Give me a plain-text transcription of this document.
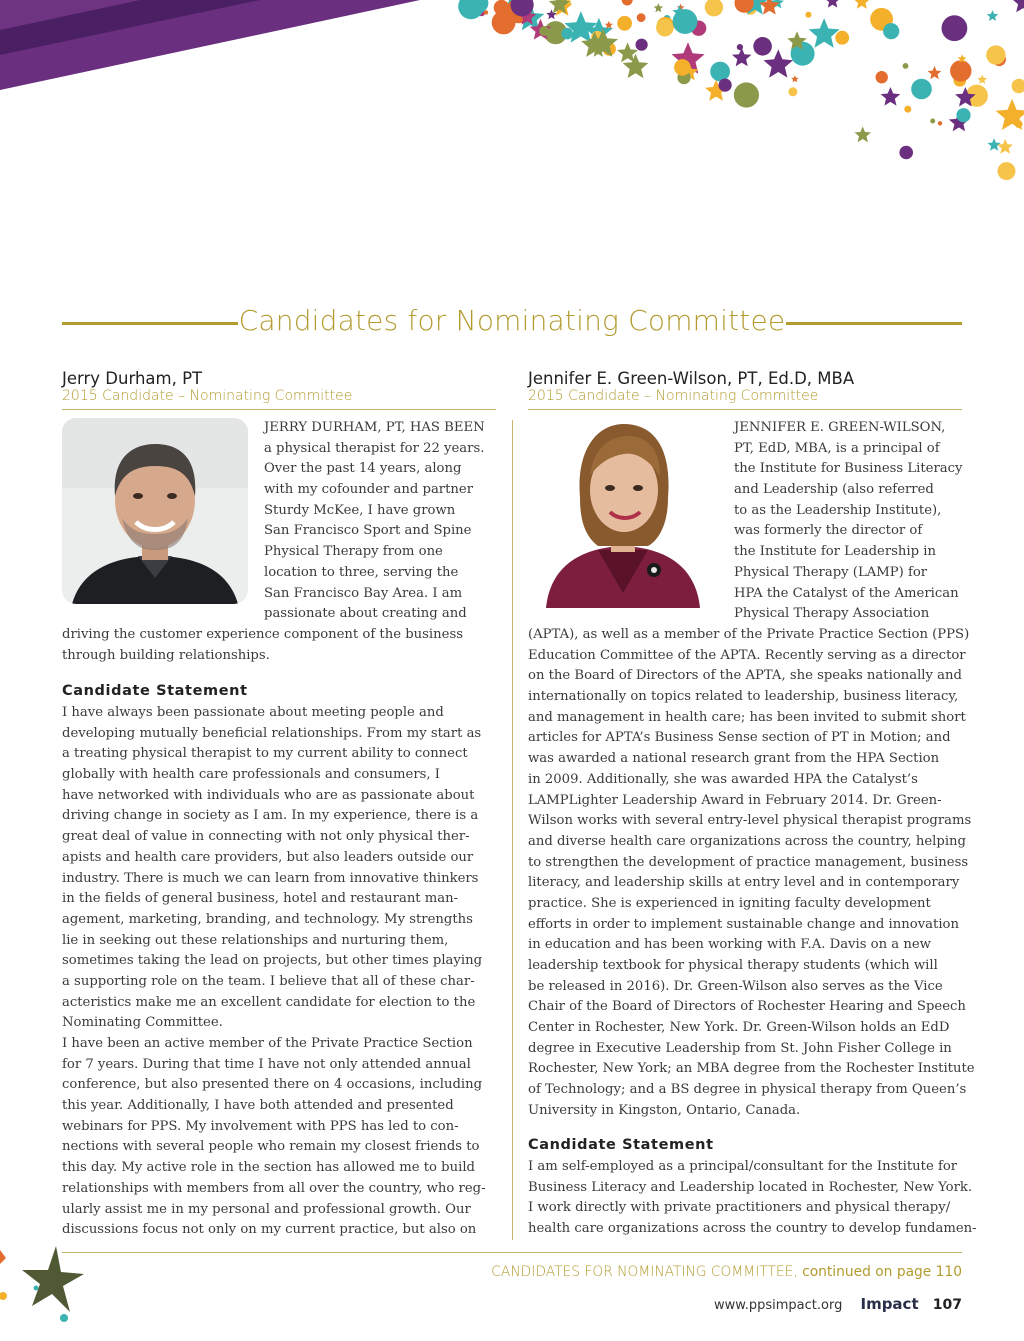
Candidates for Nominating Committee
Jerry Durham, PT
2015 Candidate – Nominating Committee
JERRY DURHAM, PT, HAS BEEN
a physical therapist for 22 years.
Over the past 14 years, along
with my cofounder and partner
Sturdy McKee, I have grown
San Francisco Sport and Spine
Physical Therapy from one
location to three, serving the
San Francisco Bay Area. I am
passionate about creating and
driving the customer experience component of the business
through building relationships.
Candidate Statement
I have always been passionate about meeting people and
developing mutually beneficial relationships. From my start as
a treating physical therapist to my current ability to connect
globally with health care professionals and consumers, I
have networked with individuals who are as passionate about
driving change in society as I am. In my experience, there is a
great deal of value in connecting with not only physical ther-
apists and health care providers, but also leaders outside our
industry. There is much we can learn from innovative thinkers
in the fields of general business, hotel and restaurant man-
agement, marketing, branding, and technology. My strengths
lie in seeking out these relationships and nurturing them,
sometimes taking the lead on projects, but other times playing
a supporting role on the team. I believe that all of these char-
acteristics make me an excellent candidate for election to the
Nominating Committee.
I have been an active member of the Private Practice Section
for 7 years. During that time I have not only attended annual
conference, but also presented there on 4 occasions, including
this year. Additionally, I have both attended and presented
webinars for PPS. My involvement with PPS has led to con-
nections with several people who remain my closest friends to
this day. My active role in the section has allowed me to build
relationships with members from all over the country, who reg-
ularly assist me in my personal and professional growth. Our
discussions focus not only on my current practice, but also on
Jennifer E. Green-Wilson, PT, Ed.D, MBA
2015 Candidate – Nominating Committee
JENNIFER E. GREEN-WILSON,
PT, EdD, MBA, is a principal of
the Institute for Business Literacy
and Leadership (also referred
to as the Leadership Institute),
was formerly the director of
the Institute for Leadership in
Physical Therapy (LAMP) for
HPA the Catalyst of the American
Physical Therapy Association
(APTA), as well as a member of the Private Practice Section (PPS)
Education Committee of the APTA. Recently serving as a director
on the Board of Directors of the APTA, she speaks nationally and
internationally on topics related to leadership, business literacy,
and management in health care; has been invited to submit short
articles for APTA’s Business Sense section of PT in Motion; and
was awarded a national research grant from the HPA Section
in 2009. Additionally, she was awarded HPA the Catalyst’s
LAMPLighter Leadership Award in February 2014. Dr. Green-
Wilson works with several entry-level physical therapist programs
and diverse health care organizations across the country, helping
to strengthen the development of practice management, business
literacy, and leadership skills at entry level and in contemporary
practice. She is experienced in igniting faculty development
efforts in order to implement sustainable change and innovation
in education and has been working with F.A. Davis on a new
leadership textbook for physical therapy students (which will
be released in 2016). Dr. Green-Wilson also serves as the Vice
Chair of the Board of Directors of Rochester Hearing and Speech
Center in Rochester, New York. Dr. Green-Wilson holds an EdD
degree in Executive Leadership from St. John Fisher College in
Rochester, New York; an MBA degree from the Rochester Institute
of Technology; and a BS degree in physical therapy from Queen’s
University in Kingston, Ontario, Canada.
Candidate Statement
I am self-employed as a principal/consultant for the Institute for
Business Literacy and Leadership located in Rochester, New York.
I work directly with private practitioners and physical therapy/
health care organizations across the country to develop fundamen-
CANDIDATES FOR NOMINATING COMMITTEE, continued on page 110
www.ppsimpact.org Impact 107
